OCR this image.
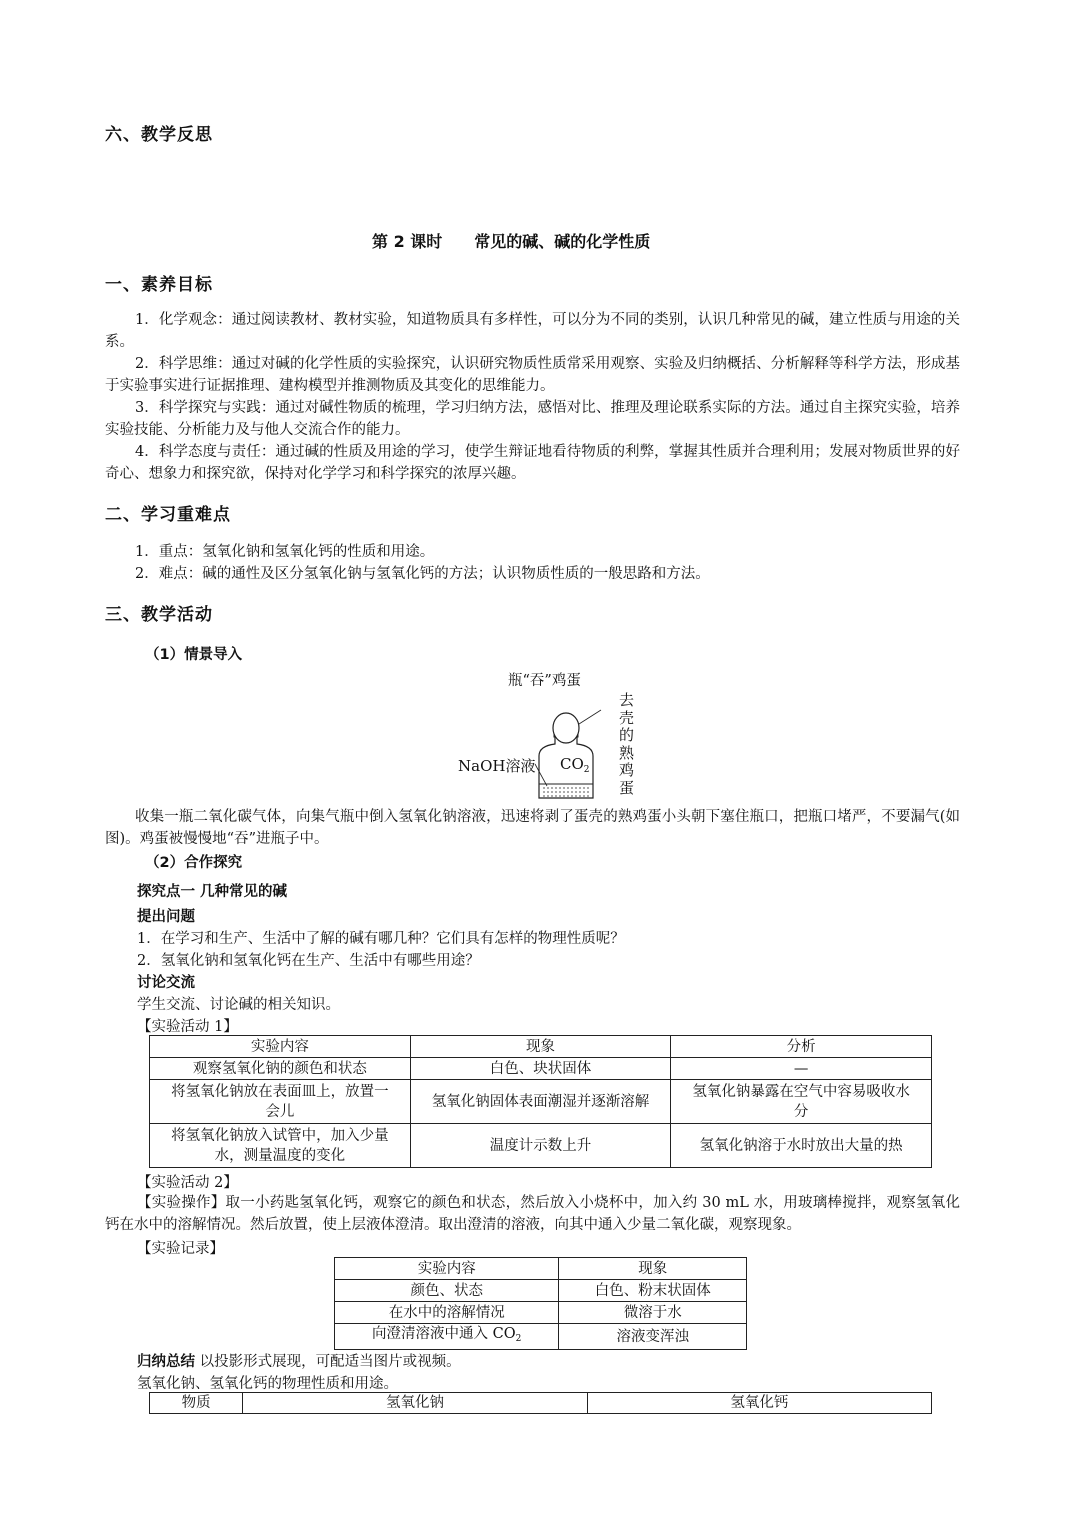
六、教学反思
第 2 课时　　常见的碱、碱的化学性质
一、素养目标
1．化学观念：通过阅读教材、教材实验，知道物质具有多样性，可以分为不同的类别，认识几种常见的碱，建立性质与用途的关系。
2．科学思维：通过对碱的化学性质的实验探究，认识研究物质性质常采用观察、实验及归纳概括、分析解释等科学方法，形成基于实验事实进行证据推理、建构模型并推测物质及其变化的思维能力。
3．科学探究与实践：通过对碱性物质的梳理，学习归纳方法，感悟对比、推理及理论联系实际的方法。通过自主探究实验，培养实验技能、分析能力及与他人交流合作的能力。
4．科学态度与责任：通过碱的性质及用途的学习，使学生辩证地看待物质的利弊，掌握其性质并合理利用；发展对物质世界的好奇心、想象力和探究欲，保持对化学学习和科学探究的浓厚兴趣。
二、学习重难点
1．重点：氢氧化钠和氢氧化钙的性质和用途。
2．难点：碱的通性及区分氢氧化钠与氢氧化钙的方法；认识物质性质的一般思路和方法。
三、教学活动
（1）情景导入
瓶“吞”鸡蛋
NaOH溶液 $CO_2$
去壳的熟鸡蛋
收集一瓶二氧化碳气体，向集气瓶中倒入氢氧化钠溶液，迅速将剥了蛋壳的熟鸡蛋小头朝下塞住瓶口，把瓶口堵严，不要漏气(如图)。鸡蛋被慢慢地“吞”进瓶子中。
（2）合作探究
探究点一 几种常见的碱
提出问题
1．在学习和生产、生活中了解的碱有哪几种？它们具有怎样的物理性质呢？
2．氢氧化钠和氢氧化钙在生产、生活中有哪些用途？
讨论交流
学生交流、讨论碱的相关知识。
【实验活动 1】
实验内容	现象	分析
观察氢氧化钠的颜色和状态	白色、块状固体	—
将氢氧化钠放在表面皿上，放置一会儿	氢氧化钠固体表面潮湿并逐渐溶解	氢氧化钠暴露在空气中容易吸收水分
将氢氧化钠放入试管中，加入少量水，测量温度的变化	温度计示数上升	氢氧化钠溶于水时放出大量的热
【实验活动 2】
【实验操作】取一小药匙氢氧化钙，观察它的颜色和状态，然后放入小烧杯中，加入约 30 mL 水，用玻璃棒搅拌，观察氢氧化钙在水中的溶解情况。然后放置，使上层液体澄清。取出澄清的溶液，向其中通入少量二氧化碳，观察现象。
【实验记录】
实验内容	现象
颜色、状态	白色、粉末状固体
在水中的溶解情况	微溶于水
向澄清溶液中通入 $CO_2$	溶液变浑浊
归纳总结 以投影形式展现，可配适当图片或视频。
氢氧化钠、氢氧化钙的物理性质和用途。
物质	氢氧化钠	氢氧化钙
